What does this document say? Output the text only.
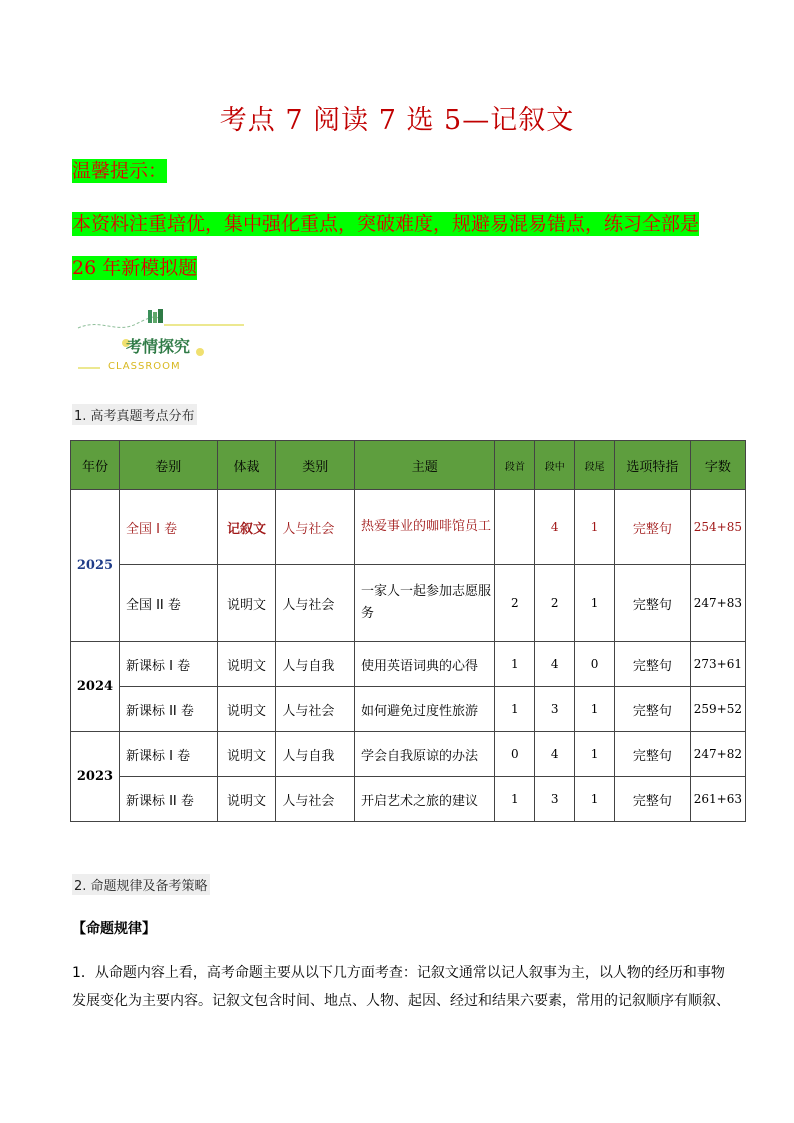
考点 7 阅读 7 选 5—记叙文
温馨提示：
本资料注重培优，集中强化重点，突破难度，规避易混易错点，练习全部是
26 年新模拟题
考情探究
CLASSROOM
1. 高考真题考点分布
年份	卷别	体裁	类别	主题	段首	段中	段尾	选项特指	字数
2025	全国 I 卷	记叙文	人与社会	热爱事业的咖啡馆员工		4	1	完整句	254+85
	全国 II 卷	说明文	人与社会	一家人一起参加志愿服务	2	2	1	完整句	247+83
2024	新课标 I 卷	说明文	人与自我	使用英语词典的心得	1	4	0	完整句	273+61
	新课标 II 卷	说明文	人与社会	如何避免过度性旅游	1	3	1	完整句	259+52
2023	新课标 I 卷	说明文	人与自我	学会自我原谅的办法	0	4	1	完整句	247+82
	新课标 II 卷	说明文	人与社会	开启艺术之旅的建议	1	3	1	完整句	261+63
2. 命题规律及备考策略
【命题规律】
1．从命题内容上看，高考命题主要从以下几方面考查：记叙文通常以记人叙事为主，以人物的经历和事物发展变化为主要内容。记叙文包含时间、地点、人物、起因、经过和结果六要素，常用的记叙顺序有顺叙、
